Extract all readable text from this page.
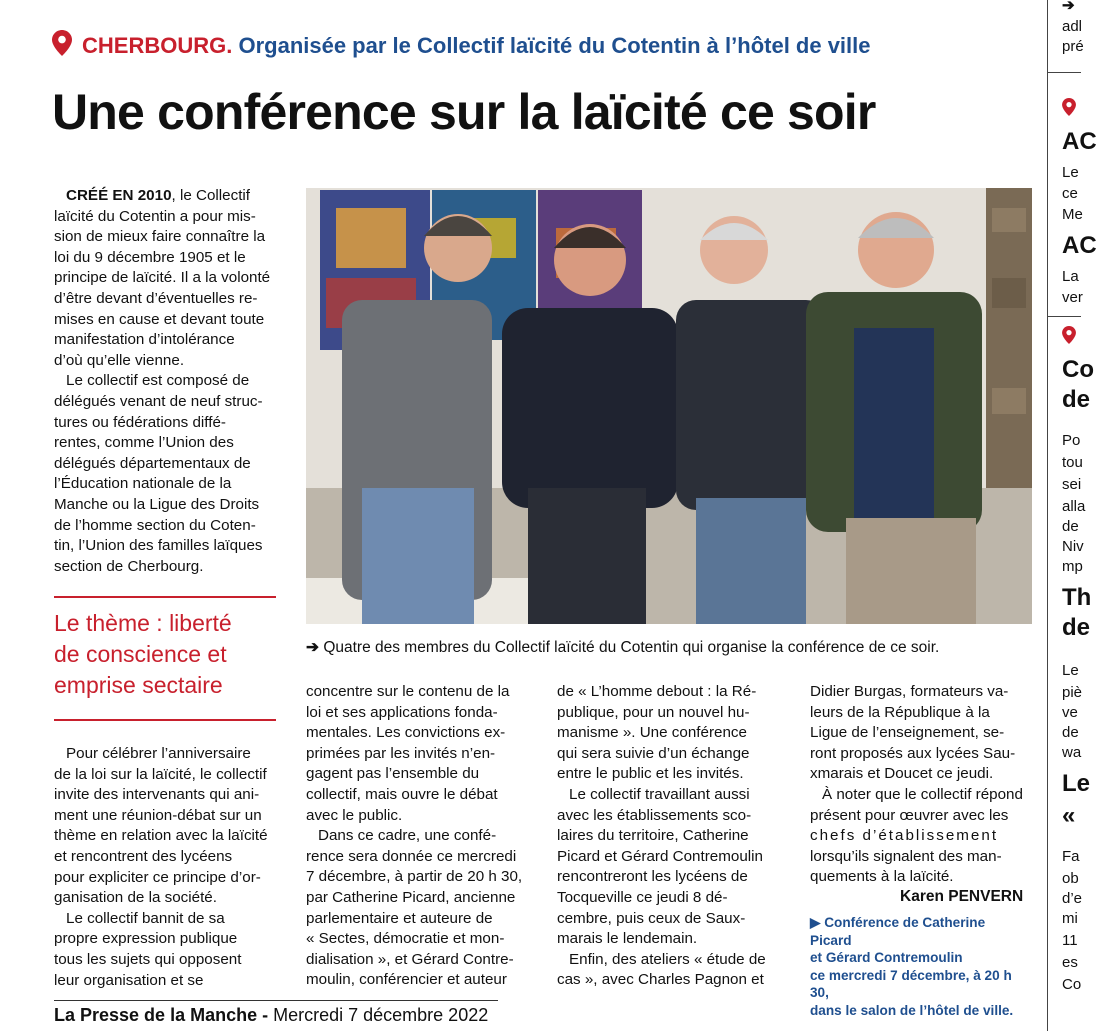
CHERBOURG. Organisée par le Collectif laïcité du Cotentin à l’hôtel de ville
Une conférence sur la laïcité ce soir
CRÉÉ EN 2010, le Collectif
laïcité du Cotentin a pour mis-
sion de mieux faire connaître la
loi du 9 décembre 1905 et le
principe de laïcité. Il a la volonté
d’être devant d’éventuelles re-
mises en cause et devant toute
manifestation d’intolérance
d’où qu’elle vienne.
Le collectif est composé de
délégués venant de neuf struc-
tures ou fédérations diffé-
rentes, comme l’Union des
délégués départementaux de
l’Éducation nationale de la
Manche ou la Ligue des Droits
de l’homme section du Coten-
tin, l’Union des familles laïques
section de Cherbourg.
Le thème : liberté
de conscience et
emprise sectaire
Pour célébrer l’anniversaire
de la loi sur la laïcité, le collectif
invite des intervenants qui ani-
ment une réunion-débat sur un
thème en relation avec la laïcité
et rencontrent des lycéens
pour expliciter ce principe d’or-
ganisation de la société.
Le collectif bannit de sa
propre expression publique
tous les sujets qui opposent
leur organisation et se
➔ Quatre des membres du Collectif laïcité du Cotentin qui organise la conférence de ce soir.
concentre sur le contenu de la
loi et ses applications fonda-
mentales. Les convictions ex-
primées par les invités n’en-
gagent pas l’ensemble du
collectif, mais ouvre le débat
avec le public.
Dans ce cadre, une confé-
rence sera donnée ce mercredi
7 décembre, à partir de 20 h 30,
par Catherine Picard, ancienne
parlementaire et auteure de
« Sectes, démocratie et mon-
dialisation », et Gérard Contre-
moulin, conférencier et auteur
de « L’homme debout : la Ré-
publique, pour un nouvel hu-
manisme ». Une conférence
qui sera suivie d’un échange
entre le public et les invités.
Le collectif travaillant aussi
avec les établissements sco-
laires du territoire, Catherine
Picard et Gérard Contremoulin
rencontreront les lycéens de
Tocqueville ce jeudi 8 dé-
cembre, puis ceux de Saux-
marais le lendemain.
Enfin, des ateliers « étude de
cas », avec Charles Pagnon et
Didier Burgas, formateurs va-
leurs de la République à la
Ligue de l’enseignement, se-
ront proposés aux lycées Sau-
xmarais et Doucet ce jeudi.
À noter que le collectif répond
présent pour œuvrer avec les
chefs d’établissement
lorsqu’ils signalent des man-
quements à la laïcité.
Karen PENVERN
▶ Conférence de Catherine Picard
et Gérard Contremoulin
ce mercredi 7 décembre, à 20 h 30,
dans le salon de l’hôtel de ville.
La Presse de la Manche - Mercredi 7 décembre 2022
➔
adl
pré
AC
Le
ce
Me
AC
La
ver
Co
de
Po
tou
sei
alla
de
Niv
mp
Th
de
Le
piè
ve
de
wa
Le
«
Fa
ob
d’e
mi
11
es
Co
